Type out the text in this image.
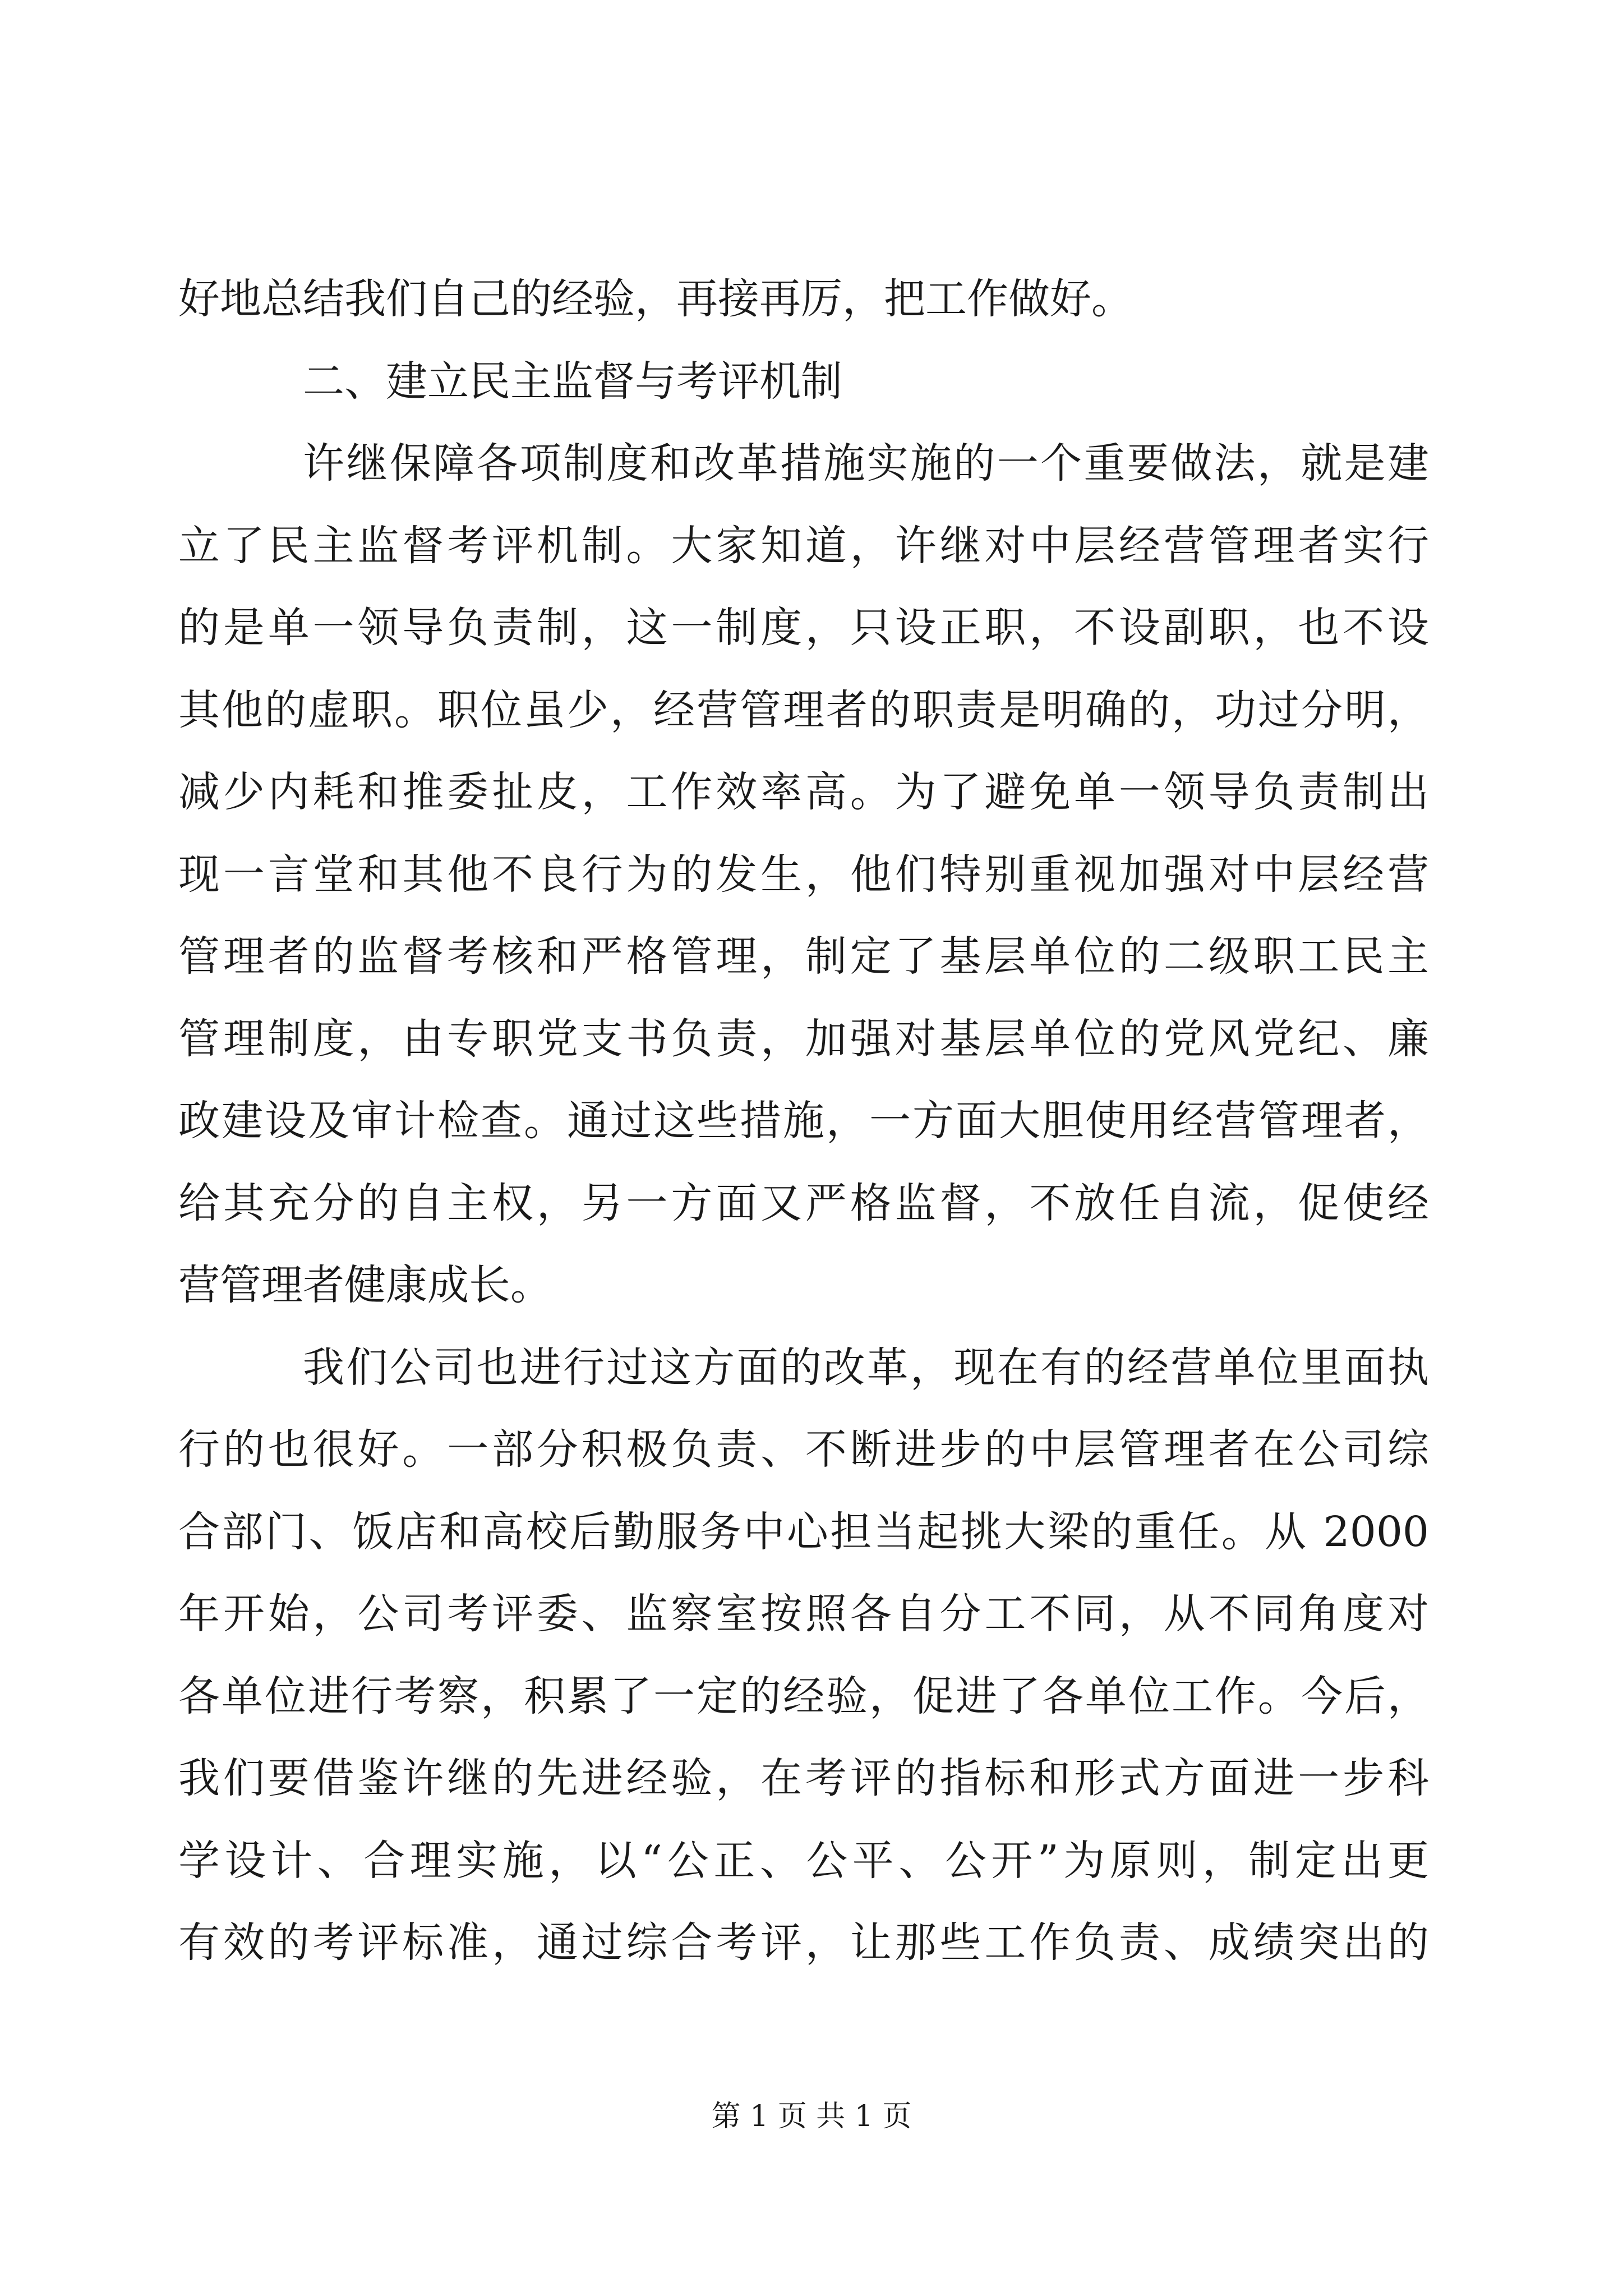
好地总结我们自己的经验，再接再厉，把工作做好。
二、建立民主监督与考评机制
许继保障各项制度和改革措施实施的一个重要做法，就是建
立了民主监督考评机制。大家知道，许继对中层经营管理者实行
的是单一领导负责制，这一制度，只设正职，不设副职，也不设
其他的虚职。职位虽少，经营管理者的职责是明确的，功过分明，
减少内耗和推委扯皮，工作效率高。为了避免单一领导负责制出
现一言堂和其他不良行为的发生，他们特别重视加强对中层经营
管理者的监督考核和严格管理，制定了基层单位的二级职工民主
管理制度，由专职党支书负责，加强对基层单位的党风党纪、廉
政建设及审计检查。通过这些措施，一方面大胆使用经营管理者，
给其充分的自主权，另一方面又严格监督，不放任自流，促使经
营管理者健康成长。
我们公司也进行过这方面的改革，现在有的经营单位里面执
行的也很好。一部分积极负责、不断进步的中层管理者在公司综
合部门、饭店和高校后勤服务中心担当起挑大梁的重任。从 2000
年开始，公司考评委、监察室按照各自分工不同，从不同角度对
各单位进行考察，积累了一定的经验，促进了各单位工作。今后，
我们要借鉴许继的先进经验，在考评的指标和形式方面进一步科
学设计、合理实施，以“公正、公平、公开”为原则，制定出更
有效的考评标准，通过综合考评，让那些工作负责、成绩突出的
第 1 页 共 1 页
